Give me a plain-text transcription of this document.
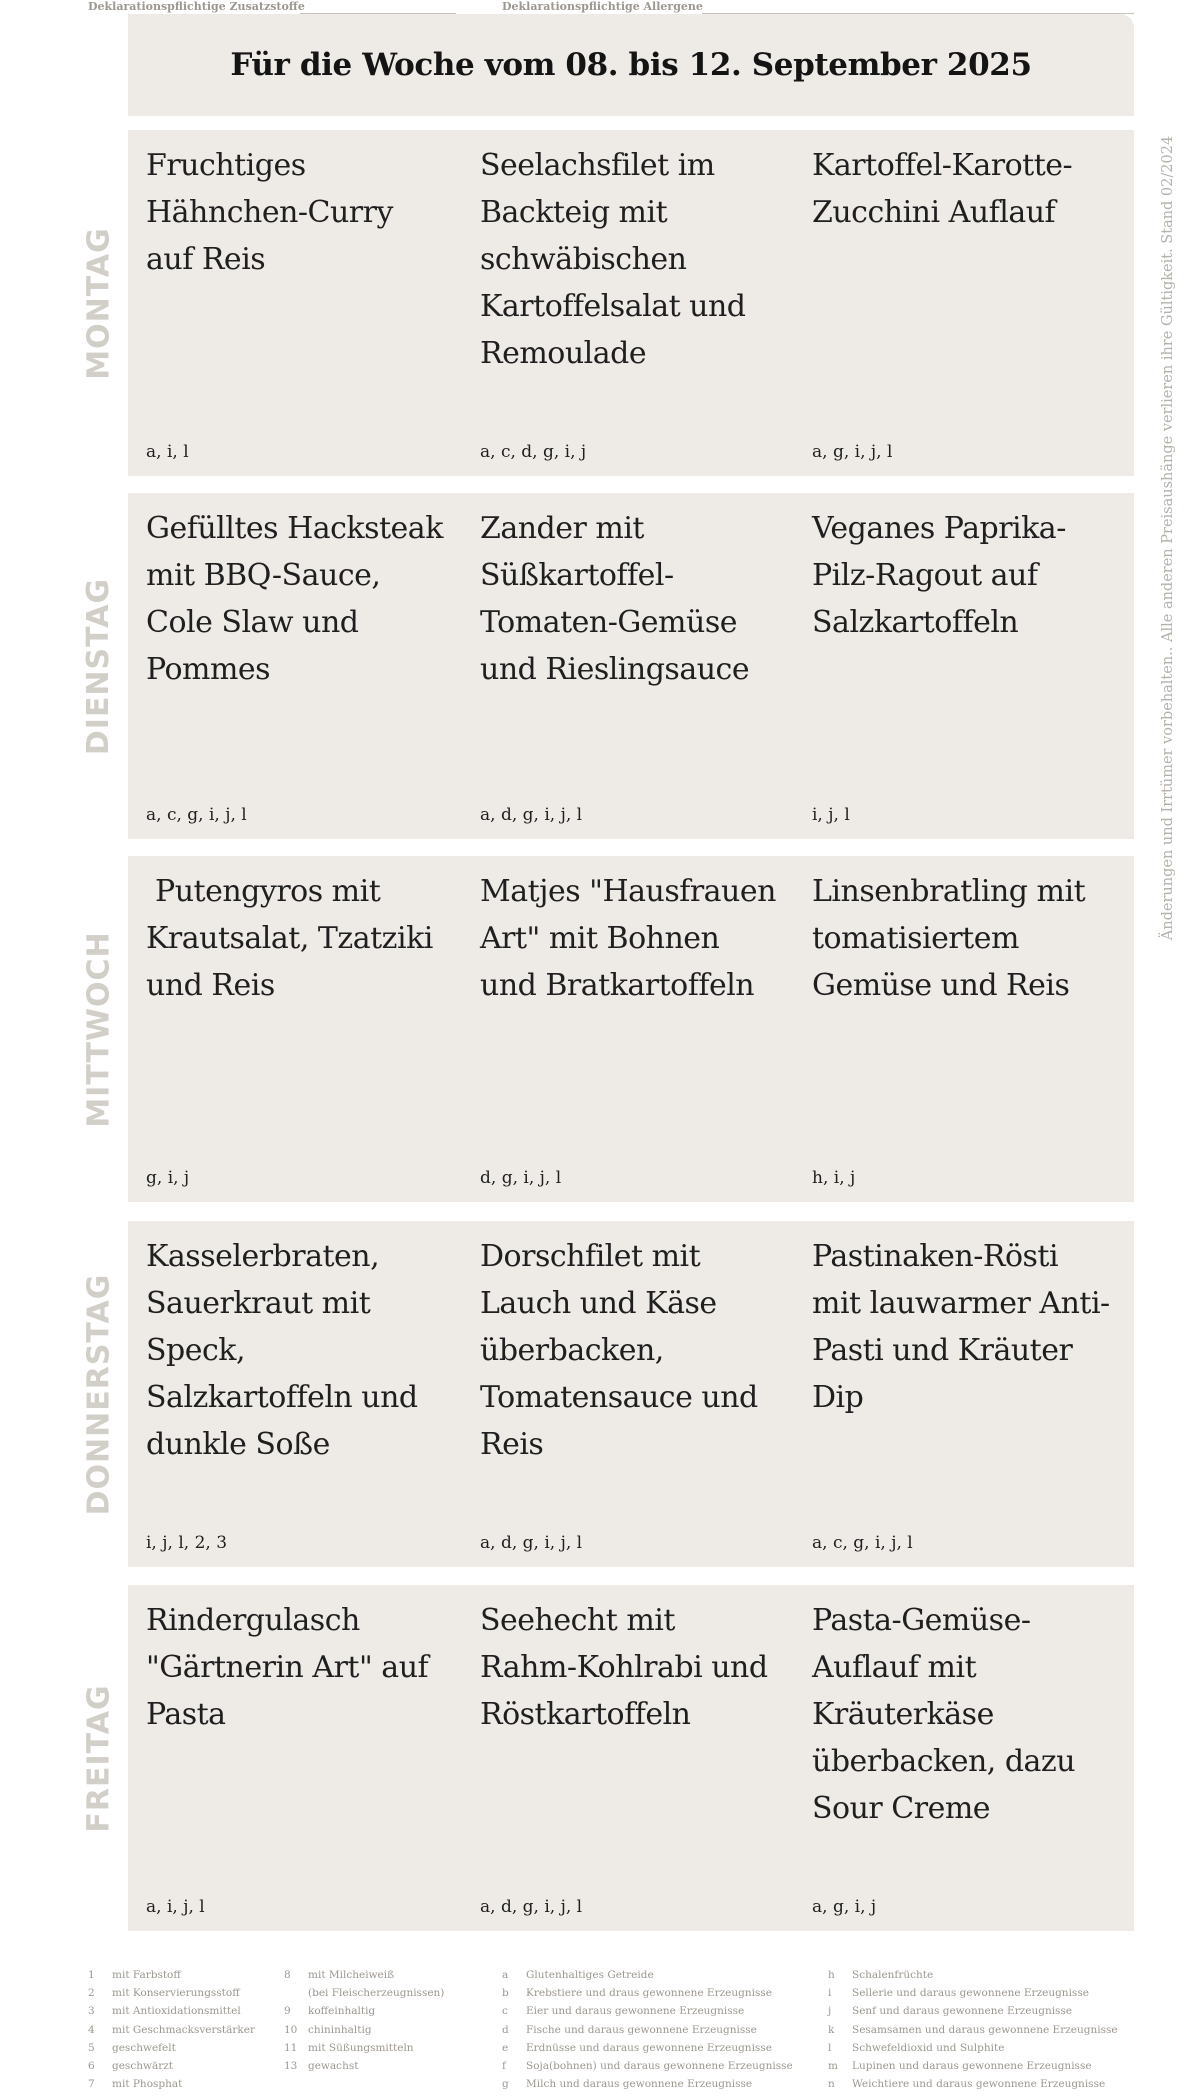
Für die Woche vom 08. bis 12. September 2025
MONTAG

Fruchtiges Hähnchen-Curry auf Reis

a, i, l

Seelachsfilet im Backteig mit schwäbischen Kartoffelsalat und Remoulade

a, c, d, g, i, j

Kartoffel-Karotte-Zucchini Auflauf

a, g, i, j, l

DIENSTAG

Gefülltes Hacksteak mit BBQ-Sauce, Cole Slaw und Pommes

a, c, g, i, j, l

Zander mit Süßkartoffel-Tomaten-Gemüse und Rieslingsauce

a, d, g, i, j, l

Veganes Paprika-Pilz-Ragout auf Salzkartoffeln

i, j, l

MITTWOCH

Putengyros mit Krautsalat, Tzatziki und Reis

g, i, j

Matjes "Hausfrauen Art" mit Bohnen und Bratkartoffeln

d, g, i, j, l

Linsenbratling mit tomatisiertem Gemüse und Reis

h, i, j

DONNERSTAG

Kasselerbraten, Sauerkraut mit Speck, Salzkartoffeln und dunkle Soße

i, j, l, 2, 3

Dorschfilet mit Lauch und Käse überbacken, Tomatensauce und Reis

a, d, g, i, j, l

Pastinaken-Rösti mit lauwarmer Anti-Pasti und Kräuter Dip

a, c, g, i, j, l

FREITAG

Rindergulasch "Gärtnerin Art" auf Pasta

a, i, j, l

Seehecht mit Rahm-Kohlrabi und Röstkartoffeln

a, d, g, i, j, l

Pasta-Gemüse-Auflauf mit Kräuterkäse überbacken, dazu Sour Creme

a, g, i, j

Änderungen und Irrtümer vorbehalten.. Alle anderen Preisaushänge verlieren ihre Gültigkeit. Stand 02/2024
Deklarationspflichtige Zusatzstoffe
1 mit Farbstoff
2 mit Konservierungsstoff
3 mit Antioxidationsmittel
4 mit Geschmacksverstärker
5 geschwefelt
6 geschwärzt
7 mit Phosphat
8 mit Milcheiweiß
(bei Fleischerzeugnissen)
9 koffeinhaltig
10 chininhaltig
11 mit Süßungsmitteln
13 gewachst
Deklarationspflichtige Allergene
a Glutenhaltiges Getreide
b Krebstiere und draus gewonnene Erzeugnisse
c Eier und daraus gewonnene Erzeugnisse
d Fische und daraus gewonnene Erzeugnisse
e Erdnüsse und daraus gewonnene Erzeugnisse
f Soja(bohnen) und daraus gewonnene Erzeugnisse
g Milch und daraus gewonnene Erzeugnisse
h Schalenfrüchte
i Sellerie und daraus gewonnene Erzeugnisse
j Senf und daraus gewonnene Erzeugnisse
k Sesamsamen und daraus gewonnene Erzeugnisse
l Schwefeldioxid und Sulphite
m Lupinen und daraus gewonnene Erzeugnisse
n Weichtiere und daraus gewonnene Erzeugnisse
